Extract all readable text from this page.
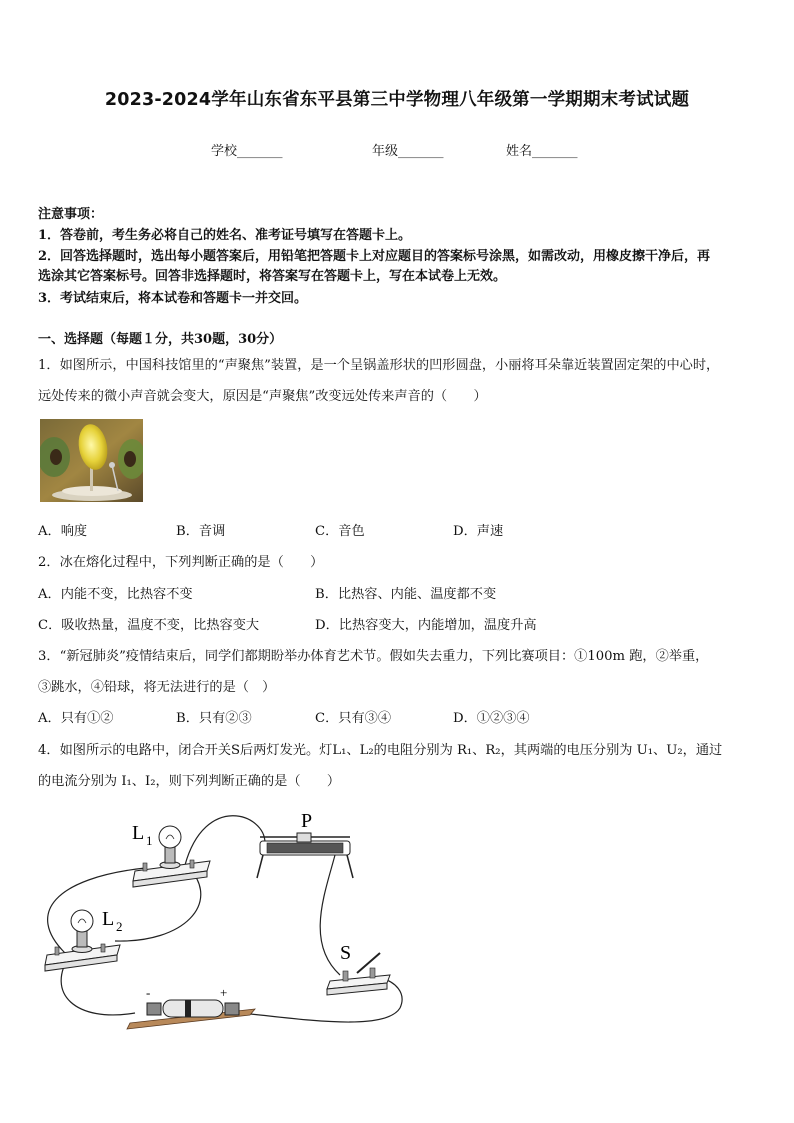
2023-2024学年山东省东平县第三中学物理八年级第一学期期末考试试题
学校_______	年级_______	姓名_______
注意事项：
1．答卷前，考生务必将自己的姓名、准考证号填写在答题卡上。
2．回答选择题时，选出每小题答案后，用铅笔把答题卡上对应题目的答案标号涂黑，如需改动，用橡皮擦干净后，再
选涂其它答案标号。回答非选择题时，将答案写在答题卡上，写在本试卷上无效。
3．考试结束后，将本试卷和答题卡一并交回。
一、选择题（每题１分，共30题，30分）
1．如图所示，中国科技馆里的“声聚焦”装置，是一个呈锅盖形状的凹形圆盘，小丽将耳朵靠近装置固定架的中心时，
远处传来的微小声音就会变大，原因是“声聚焦”改变远处传来声音的（　　）
A．响度	B．音调	C．音色	D．声速
2．冰在熔化过程中，下列判断正确的是（　　）
A．内能不变，比热容不变	B．比热容、内能、温度都不变
C．吸收热量，温度不变，比热容变大	D．比热容变大，内能增加，温度升高
3．“新冠肺炎”疫情结束后，同学们都期盼举办体育艺术节。假如失去重力，下列比赛项目：①100m 跑，②举重，
③跳水，④铅球，将无法进行的是（　）
A．只有①②	B．只有②③	C．只有③④	D．①②③④
4．如图所示的电路中，闭合开关S后两灯发光。灯L₁、L₂的电阻分别为 R₁、R₂，其两端的电压分别为 U₁、U₂，通过
的电流分别为 I₁、I₂，则下列判断正确的是（　　）
L 1
L 2
P
S
-	+
